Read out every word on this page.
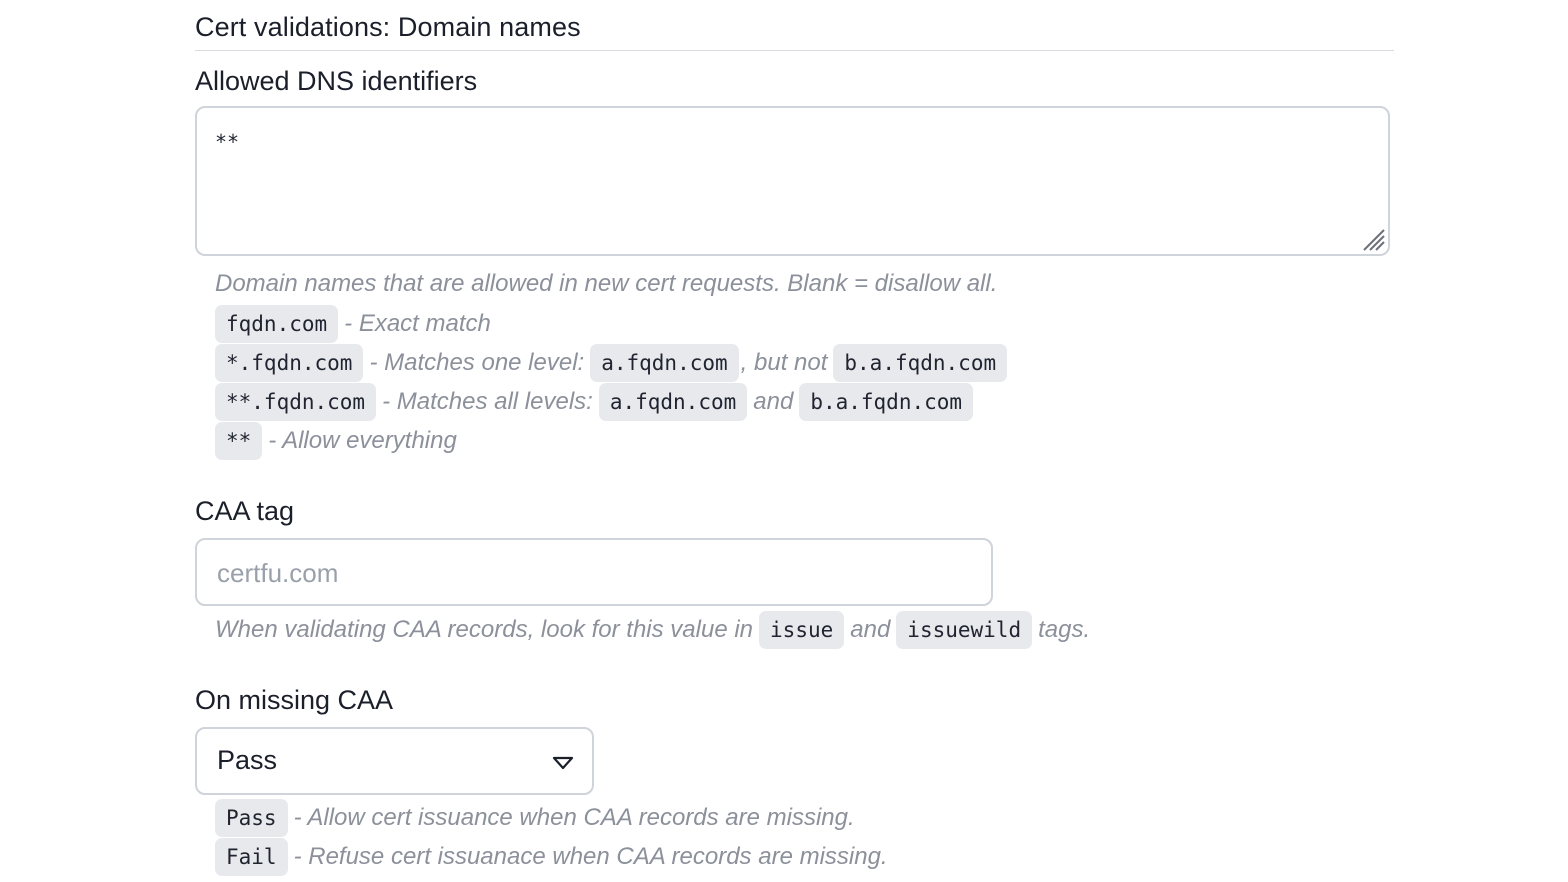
Cert validations: Domain names
Allowed DNS identifiers
**
Domain names that are allowed in new cert requests. Blank = disallow all.
fqdn.com - Exact match
*.fqdn.com - Matches one level: a.fqdn.com , but not b.a.fqdn.com
**.fqdn.com - Matches all levels: a.fqdn.com and b.a.fqdn.com
** - Allow everything
CAA tag
certfu.com
When validating CAA records, look for this value in issue and issuewild tags.
On missing CAA
Pass
Pass - Allow cert issuance when CAA records are missing.
Fail - Refuse cert issuanace when CAA records are missing.
